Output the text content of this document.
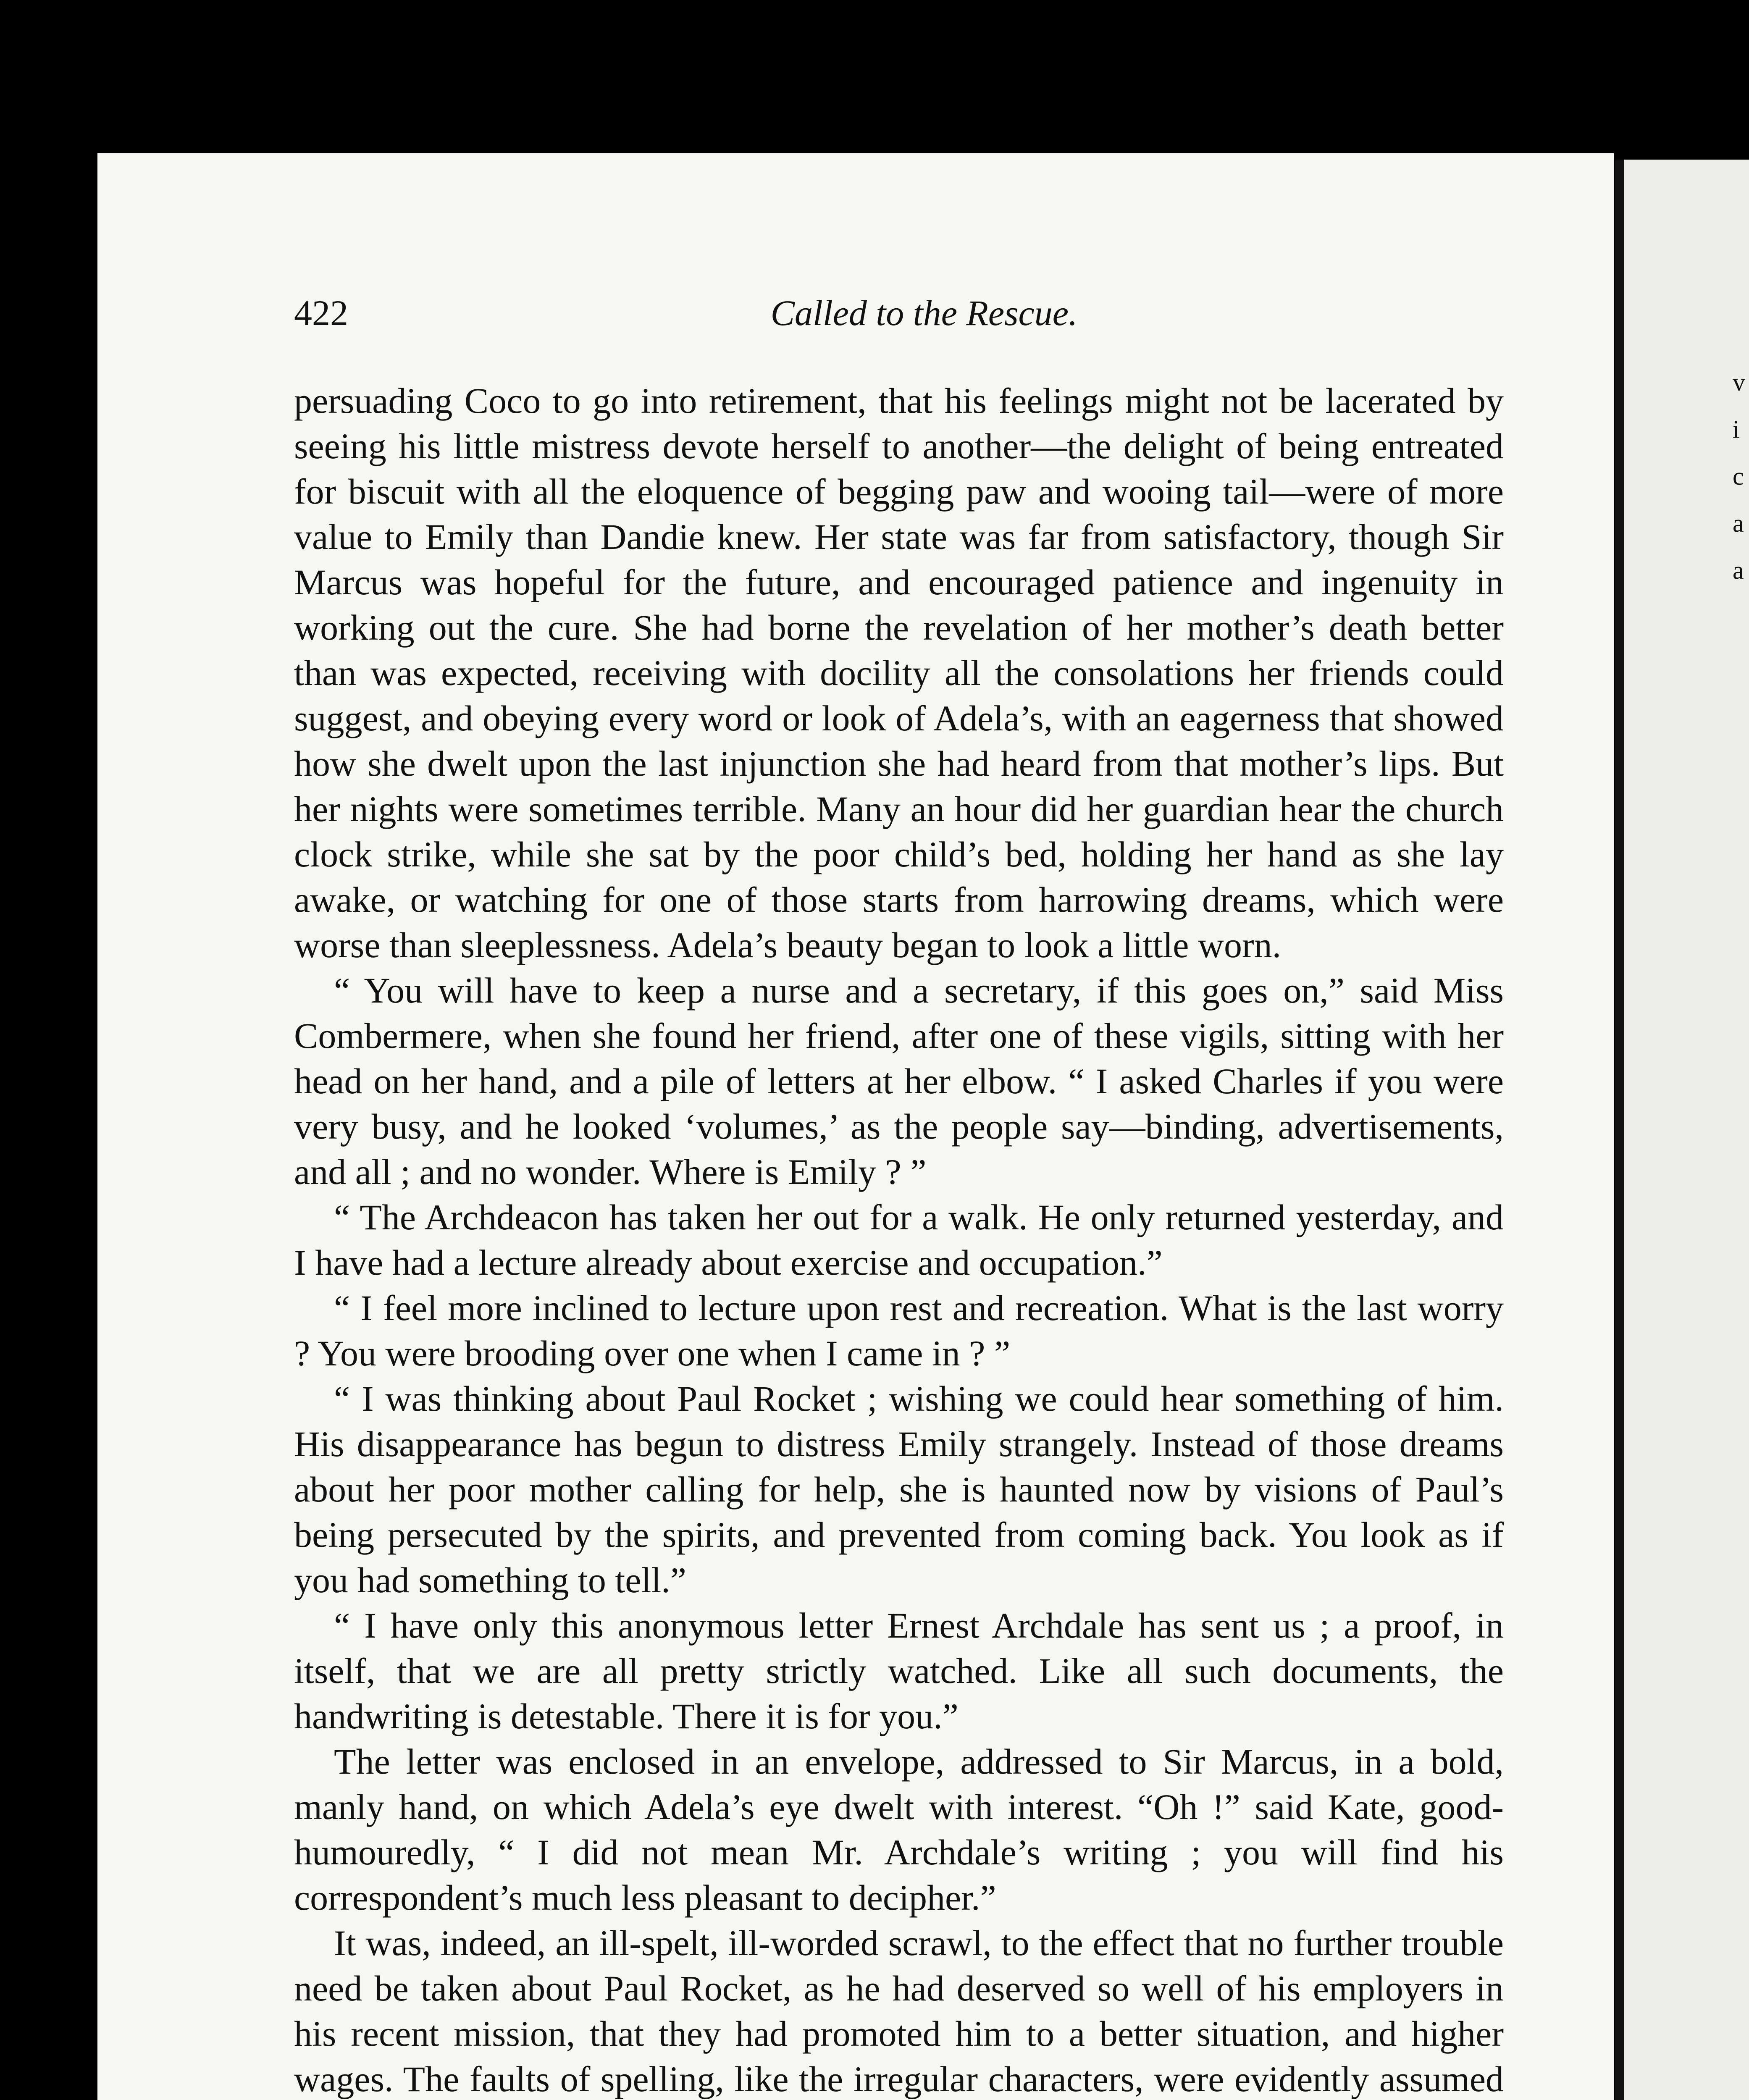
v
i
c
a
a
422	Called to the Rescue.

persuading Coco to go into retirement, that his feelings might not be lacerated by seeing his little mistress devote herself to another—the delight of being entreated for biscuit with all the eloquence of begging paw and wooing tail—were of more value to Emily than Dandie knew. Her state was far from satisfactory, though Sir Marcus was hopeful for the future, and encouraged patience and ingenuity in working out the cure. She had borne the revelation of her mother’s death better than was expected, receiving with docility all the consolations her friends could suggest, and obeying every word or look of Adela’s, with an eagerness that showed how she dwelt upon the last injunction she had heard from that mother’s lips. But her nights were sometimes terrible. Many an hour did her guardian hear the church clock strike, while she sat by the poor child’s bed, holding her hand as she lay awake, or watching for one of those starts from harrowing dreams, which were worse than sleeplessness. Adela’s beauty began to look a little worn.

“ You will have to keep a nurse and a secretary, if this goes on,” said Miss Combermere, when she found her friend, after one of these vigils, sitting with her head on her hand, and a pile of letters at her elbow. “ I asked Charles if you were very busy, and he looked ‘volumes,’ as the people say—binding, advertisements, and all ; and no wonder. Where is Emily ? ”

“ The Archdeacon has taken her out for a walk. He only returned yesterday, and I have had a lecture already about exercise and occupation.”

“ I feel more inclined to lecture upon rest and recreation. What is the last worry ? You were brooding over one when I came in ? ”

“ I was thinking about Paul Rocket ; wishing we could hear something of him. His disappearance has begun to distress Emily strangely. Instead of those dreams about her poor mother calling for help, she is haunted now by visions of Paul’s being persecuted by the spirits, and prevented from coming back. You look as if you had something to tell.”

“ I have only this anonymous letter Ernest Archdale has sent us ; a proof, in itself, that we are all pretty strictly watched. Like all such documents, the handwriting is detestable. There it is for you.”

The letter was enclosed in an envelope, addressed to Sir Marcus, in a bold, manly hand, on which Adela’s eye dwelt with interest. “Oh !” said Kate, good-humouredly, “ I did not mean Mr. Archdale’s writing ; you will find his correspondent’s much less pleasant to decipher.”

It was, indeed, an ill-spelt, ill-worded scrawl, to the effect that no further trouble need be taken about Paul Rocket, as he had deserved so well of his employers in his recent mission, that they had promoted him to a better situation, and higher wages. The faults of spelling, like the irregular characters, were evidently assumed
